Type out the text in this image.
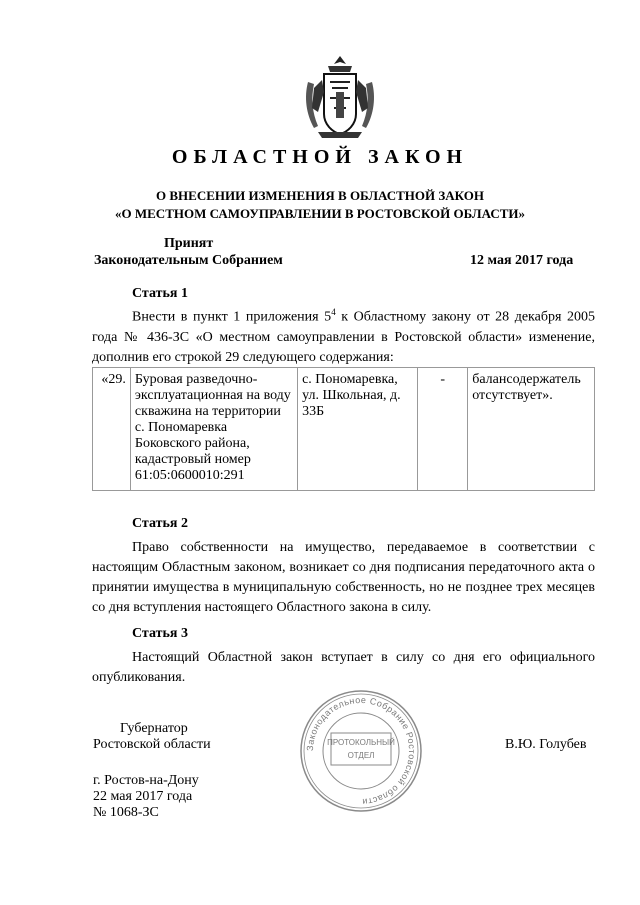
ОБЛАСТНОЙ ЗАКОН
О ВНЕСЕНИИ ИЗМЕНЕНИЯ В ОБЛАСТНОЙ ЗАКОН
«О МЕСТНОМ САМОУПРАВЛЕНИИ В РОСТОВСКОЙ ОБЛАСТИ»
Принят
Законодательным Собранием	12 мая 2017 года
Статья 1

Внести в пункт 1 приложения $5^4$ к Областному закону от 28 декабря 2005 года № 436-ЗС «О местном самоуправлении в Ростовской области» изменение, дополнив его строкой 29 следующего содержания:

«29.	Буровая разведочно-эксплуатационная на воду скважина на территории с. Пономаревка Боковского района, кадастровый номер 61:05:0600010:291	с. Пономаревка, ул. Школьная, д. 33Б	-	балансодержатель отсутствует».
Статья 2

Право собственности на имущество, передаваемое в соответствии с настоящим Областным законом, возникает со дня подписания передаточного акта о принятии имущества в муниципальную собственность, но не позднее трех месяцев со дня вступления настоящего Областного закона в силу.

Статья 3

Настоящий Областной закон вступает в силу со дня его официального опубликования.

Губернатор
Ростовской области	В.Ю. Голубев
Законодательное Собрание Ростовской области
ПРОТОКОЛЬНЫЙ
ОТДЕЛ
г. Ростов-на-Дону
22 мая 2017 года
№ 1068-ЗС
